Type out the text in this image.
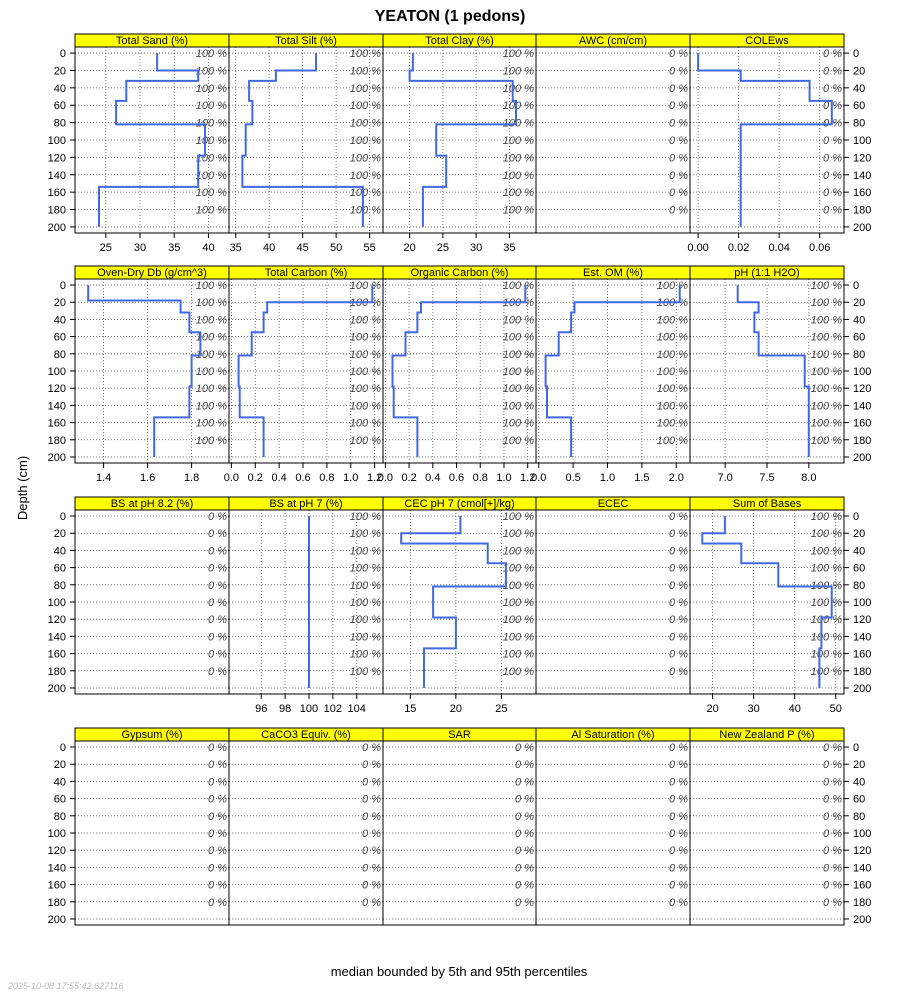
YEATON (1 pedons)
Depth (cm)
median bounded by 5th and 95th percentiles
2025-10-08 17:55:42.627116
Total Sand (%)
100 %
100 %
100 %
100 %
100 %
100 %
100 %
100 %
100 %
100 %
25 30 35 40
0
20
40
60
80
100
120
140
160
180
200
Total Silt (%)
100 %
100 %
100 %
100 %
100 %
100 %
100 %
100 %
100 %
100 %
35 40 45 50 55
Total Clay (%)
100 %
100 %
100 %
100 %
100 %
100 %
100 %
100 %
100 %
100 %
20 25 30 35
AWC (cm/cm)
0 %
0 %
0 %
0 %
0 %
0 %
0 %
0 %
0 %
0 %
COLEws
0 %
0 %
0 %
0 %
0 %
0 %
0 %
0 %
0 %
0 %
0.00 0.02 0.04 0.06
0
20
40
60
80
100
120
140
160
180
200
Oven-Dry Db (g/cm^3)
100 %
100 %
100 %
100 %
100 %
100 %
100 %
100 %
100 %
100 %
1.4	1.6	1.8
0
20
40
60
80
100
120
140
160
180
200
Total Carbon (%)
100 %
100 %
100 %
100 %
100 %
100 %
100 %
100 %
100 %
100 %
0.0 0.2 0.4 0.6 0.8 1.0 1.2
Organic Carbon (%)
100 %
100 %
100 %
100 %
100 %
100 %
100 %
100 %
100 %
100 %
0.0 0.2 0.4 0.6 0.8 1.0 1.2
Est. OM (%)
100 %
100 %
100 %
100 %
100 %
100 %
100 %
100 %
100 %
100 %
0.0 0.5 1.0 1.5 2.0
pH (1:1 H2O)
100 %
100 %
100 %
100 %
100 %
100 %
100 %
100 %
100 %
100 %
7.0 7.5 8.0
0
20
40
60
80
100
120
140
160
180
200
BS at pH 8.2 (%)
0 %
0 %
0 %
0 %
0 %
0 %
0 %
0 %
0 %
0 %
0
20
40
60
80
100
120
140
160
180
200
BS at pH 7 (%)
100 %
100 %
100 %
100 %
100 %
100 %
100 %
100 %
100 %
100 %
96 98 100 102 104
CEC pH 7 (cmol[+]/kg)
100 %
100 %
100 %
100 %
100 %
100 %
100 %
100 %
100 %
100 %
15	20	25
ECEC
0 %
0 %
0 %
0 %
0 %
0 %
0 %
0 %
0 %
0 %
Sum of Bases
100 %
100 %
100 %
100 %
100 %
100 %
100 %
100 %
100 %
100 %
20	30	40	50
0
20
40
60
80
100
120
140
160
180
200
Gypsum (%)
0 %
0 %
0 %
0 %
0 %
0 %
0 %
0 %
0 %
0 %
0
20
40
60
80
100
120
140
160
180
200
CaCO3 Equiv. (%)
0 %
0 %
0 %
0 %
0 %
0 %
0 %
0 %
0 %
0 %
SAR
0 %
0 %
0 %
0 %
0 %
0 %
0 %
0 %
0 %
0 %
Al Saturation (%)
0 %
0 %
0 %
0 %
0 %
0 %
0 %
0 %
0 %
0 %
New Zealand P (%)
0 %
0 %
0 %
0 %
0 %
0 %
0 %
0 %
0 %
0 %
0
20
40
60
80
100
120
140
160
180
200
